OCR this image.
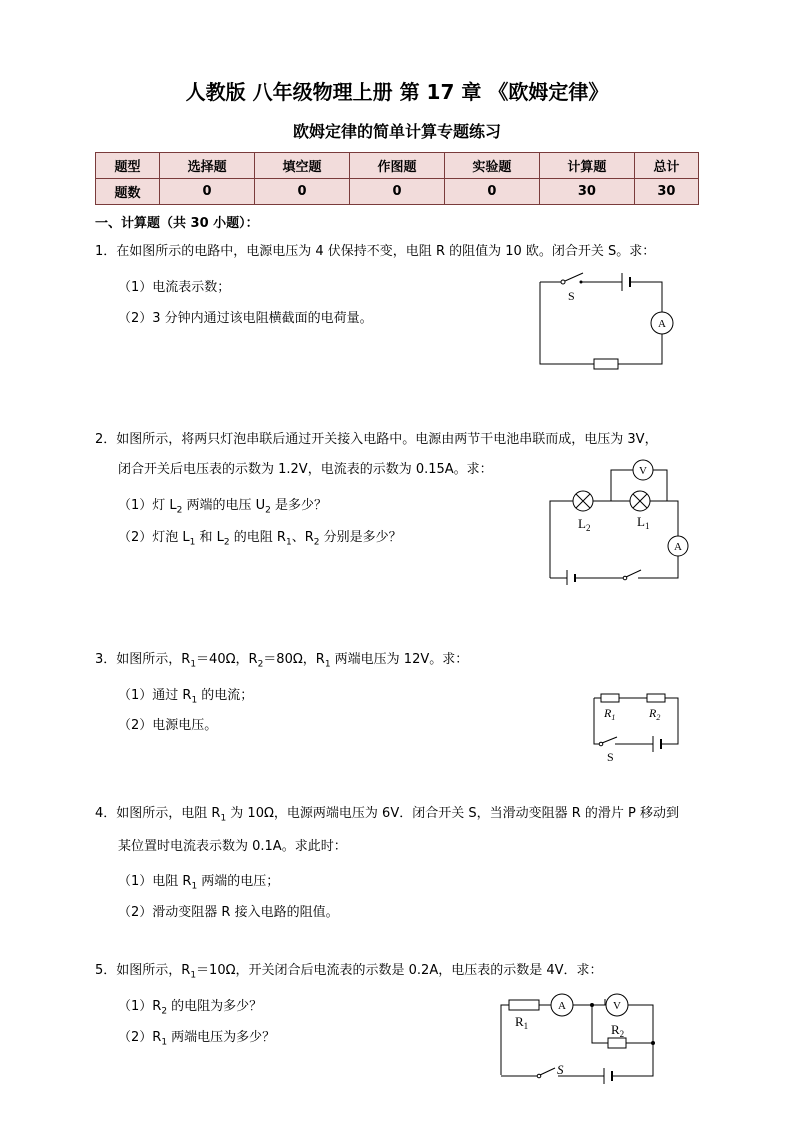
人教版 八年级物理上册 第 17 章 《欧姆定律》
欧姆定律的简单计算专题练习
题型	选择题	填空题	作图题	实验题	计算题	总计
题数	0	0	0	0	30	30
一、计算题（共 30 小题）：
1．在如图所示的电路中，电源电压为 4 伏保持不变，电阻 R 的阻值为 10 欧。闭合开关 S。求：
（1）电流表示数；
（2）3 分钟内通过该电阻横截面的电荷量。	A
S
2．如图所示，将两只灯泡串联后通过开关接入电路中。电源由两节干电池串联而成，电压为 3V，
闭合开关后电压表的示数为 1.2V，电流表的示数为 0.15A。求：
（1）灯 $L_2$ 两端的电压 $U_2$ 是多少？
（2）灯泡 $L_1$ 和 $L_2$ 的电阻 $R_1$、$R_2$ 分别是多少？
V
A
$L_2$	$L_1$
3．如图所示，$R_1=40\Omega$，$R_2=80\Omega$，$R_1$ 两端电压为 12V。求：
（1）通过 $R_1$ 的电流；
（2）电源电压。
$R_1$	$R_2$
S
4．如图所示，电阻 $R_1$ 为 10Ω，电源两端电压为 6V．闭合开关 S，当滑动变阻器 R 的滑片 P 移动到
某位置时电流表示数为 0.1A。求此时：
（1）电阻 $R_1$ 两端的电压；
（2）滑动变阻器 R 接入电路的阻值。
5．如图所示，$R_1=10\Omega$，开关闭合后电流表的示数是 0.2A，电压表的示数是 4V．求：
$(1)R_2$ 的电阻为多少？
$(2)R_1$ 两端电压为多少？
A	V
$R_1$	$R_2$
S
